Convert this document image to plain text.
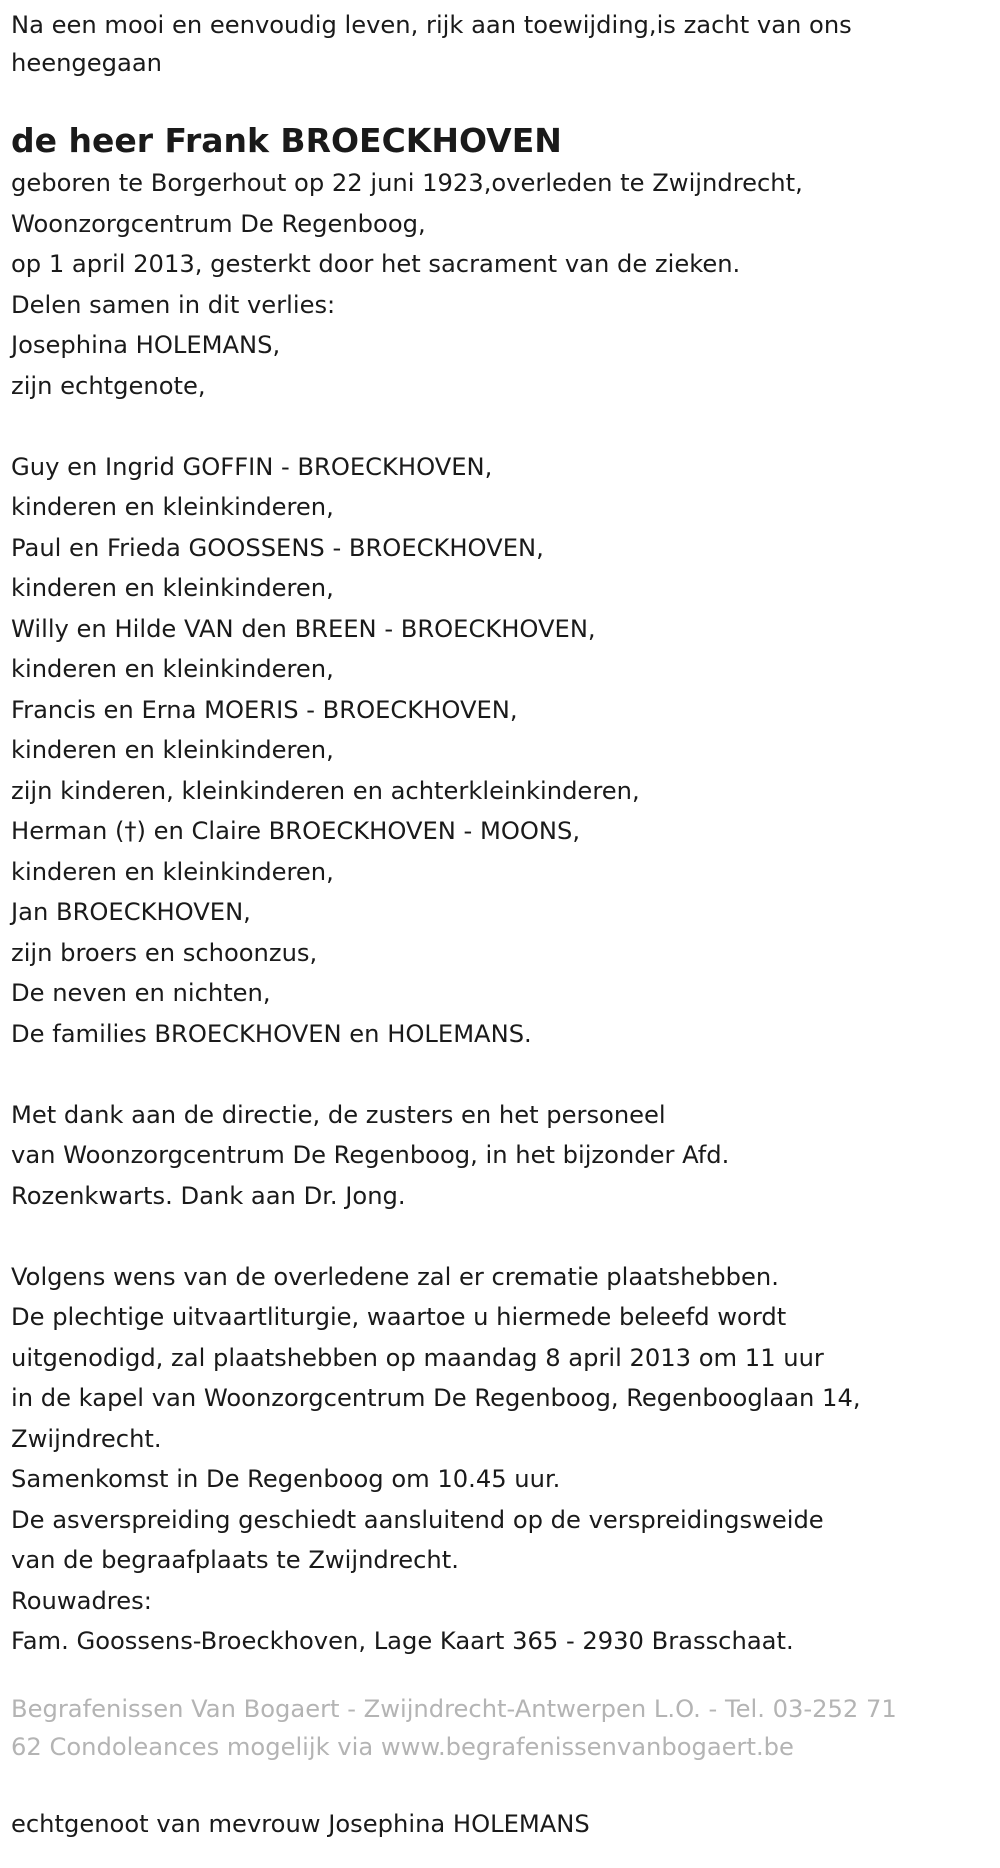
Na een mooi en eenvoudig leven, rijk aan toewijding,is zacht van ons

heengegaan

de heer Frank BROECKHOVEN

geboren te Borgerhout op 22 juni 1923,overleden te Zwijndrecht,

Woonzorgcentrum De Regenboog,

op 1 april 2013, gesterkt door het sacrament van de zieken.

Delen samen in dit verlies:

Josephina HOLEMANS,

zijn echtgenote,

Guy en Ingrid GOFFIN - BROECKHOVEN,

kinderen en kleinkinderen,

Paul en Frieda GOOSSENS - BROECKHOVEN,

kinderen en kleinkinderen,

Willy en Hilde VAN den BREEN - BROECKHOVEN,

kinderen en kleinkinderen,

Francis en Erna MOERIS - BROECKHOVEN,

kinderen en kleinkinderen,

zijn kinderen, kleinkinderen en achterkleinkinderen,

Herman (†) en Claire BROECKHOVEN - MOONS,

kinderen en kleinkinderen,

Jan BROECKHOVEN,

zijn broers en schoonzus,

De neven en nichten,

De families BROECKHOVEN en HOLEMANS.

Met dank aan de directie, de zusters en het personeel

van Woonzorgcentrum De Regenboog, in het bijzonder Afd.

Rozenkwarts. Dank aan Dr. Jong.

Volgens wens van de overledene zal er crematie plaatshebben.

De plechtige uitvaartliturgie, waartoe u hiermede beleefd wordt

uitgenodigd, zal plaatshebben op maandag 8 april 2013 om 11 uur

in de kapel van Woonzorgcentrum De Regenboog, Regenbooglaan 14,

Zwijndrecht.

Samenkomst in De Regenboog om 10.45 uur.

De asverspreiding geschiedt aansluitend op de verspreidingsweide

van de begraafplaats te Zwijndrecht.

Rouwadres:

Fam. Goossens-Broeckhoven, Lage Kaart 365 - 2930 Brasschaat.

Begrafenissen Van Bogaert - Zwijndrecht-Antwerpen L.O. - Tel. 03-252 71

62 Condoleances mogelijk via www.begrafenissenvanbogaert.be

echtgenoot van mevrouw Josephina HOLEMANS
